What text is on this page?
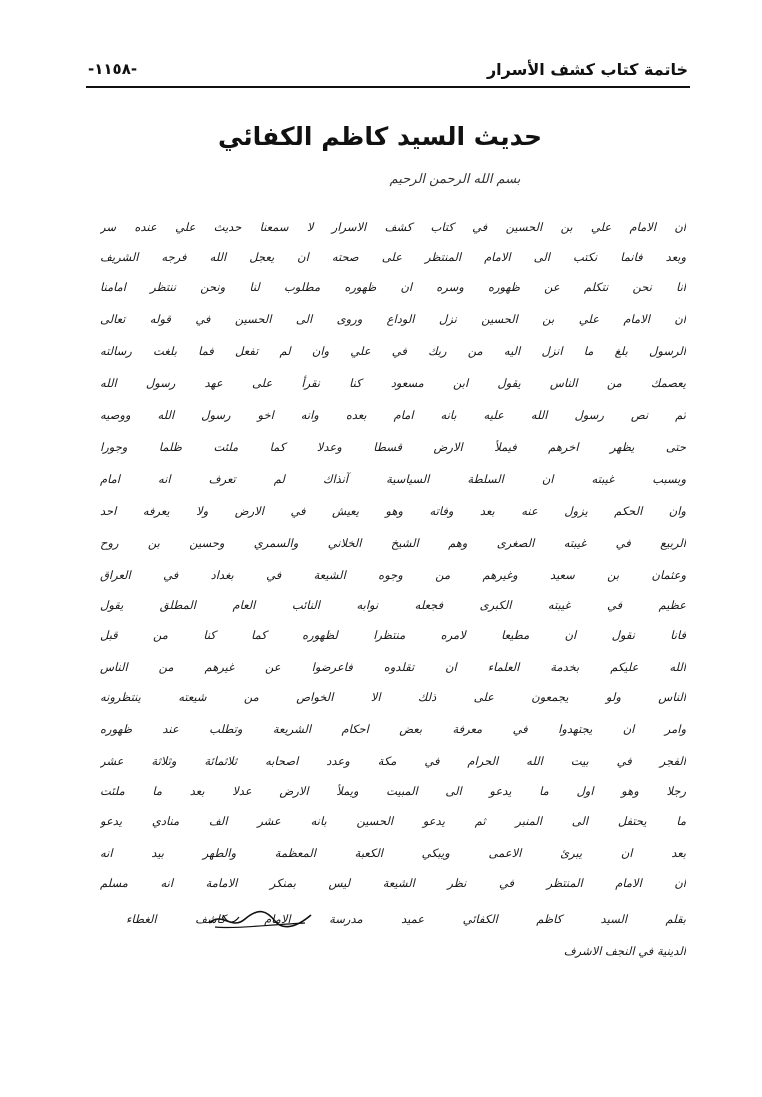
خاتمة كتاب كشف الأسرار
-١١٥٨-
حديث السيد كاظم الكفائي
بسم الله الرحمن الرحيم
ان الامام علي بن الحسين في كتاب كشف الاسرار لا سمعنا حديث علي عنده سر
وبعد فانما نكتب الى الامام المنتظر على صحته ان يعجل الله فرجه الشريف
انا نحن نتكلم عن ظهوره وسره ان ظهوره مطلوب لنا ونحن ننتظر امامنا
ان الامام علي بن الحسين نزل الوداع وروى الى الحسين في قوله تعالى
الرسول بلغ ما انزل اليه من ربك في علي وان لم تفعل فما بلغت رسالته
يعصمك من الناس يقول ابن مسعود كنا نقرأ على عهد رسول الله
ثم نص رسول الله عليه بانه امام بعده وانه اخو رسول الله ووصيه
حتى يظهر اخرهم فيملأ الارض قسطا وعدلا كما ملئت ظلما وجورا
وبسبب غيبته ان السلطة السياسية آنذاك لم تعرف انه امام
وان الحكم يزول عنه بعد وفاته وهو يعيش في الارض ولا يعرفه احد
الربيع في غيبته الصغرى وهم الشيخ الخلاني والسمري وحسين بن روح
وعثمان بن سعيد وغيرهم من وجوه الشيعة في بغداد في العراق
عظيم في غيبته الكبرى فجعله نوابه النائب العام المطلق يقول
فانا نقول ان مطيعا لامره منتظرا لظهوره كما كنا من قبل
الله عليكم بخدمة العلماء ان تقلدوه فاعرضوا عن غيرهم من الناس
الناس ولو يجمعون على ذلك الا الخواص من شيعته ينتظرونه
وامر ان يجتهدوا في معرفة بعض احكام الشريعة وتطلب عند ظهوره
الفجر في بيت الله الحرام في مكة وعدد اصحابه ثلاثمائة وثلاثة عشر
رجلا وهو اول ما يدعو الى المبيت ويملأ الارض عدلا بعد ما ملئت
ما يحتفل الى المنبر ثم يدعو الحسين بانه عشر الف منادي يدعو
بعد ان يبرئ الاعمى ويبكي الكعبة المعظمة والطهر بيد انه
ان الامام المنتظر في نظر الشيعة ليس بمنكر الامامة انه مسلم
بقلم السيد كاظم الكفائي عميد مدرسة الامام كاشف الغطاء
الدينية في النجف الاشرف
